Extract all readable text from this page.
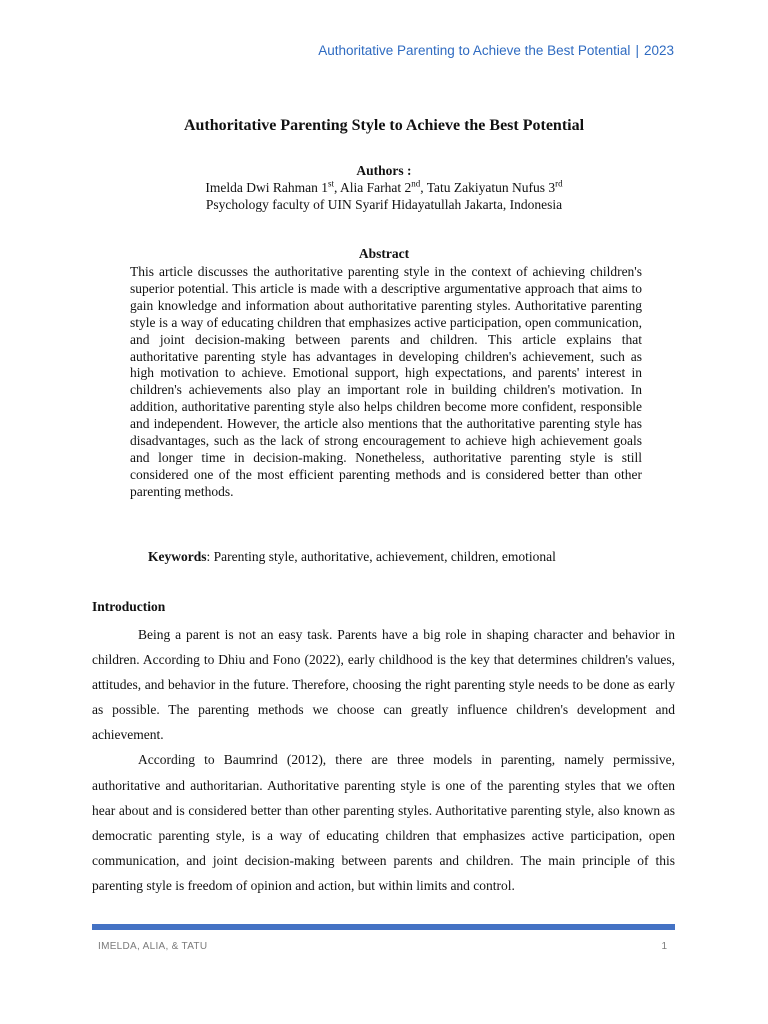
Authoritative Parenting to Achieve the Best Potential | 2023
Authoritative Parenting Style to Achieve the Best Potential
Authors :
Imelda Dwi Rahman 1st, Alia Farhat 2nd, Tatu Zakiyatun Nufus 3rd
Psychology faculty of UIN Syarif Hidayatullah Jakarta, Indonesia
Abstract
This article discusses the authoritative parenting style in the context of achieving children's superior potential. This article is made with a descriptive argumentative approach that aims to gain knowledge and information about authoritative parenting styles. Authoritative parenting style is a way of educating children that emphasizes active participation, open communication, and joint decision-making between parents and children. This article explains that authoritative parenting style has advantages in developing children's achievement, such as high motivation to achieve. Emotional support, high expectations, and parents' interest in children's achievements also play an important role in building children's motivation. In addition, authoritative parenting style also helps children become more confident, responsible and independent. However, the article also mentions that the authoritative parenting style has disadvantages, such as the lack of strong encouragement to achieve high achievement goals and longer time in decision-making. Nonetheless, authoritative parenting style is still considered one of the most efficient parenting methods and is considered better than other parenting methods.
Keywords: Parenting style, authoritative, achievement, children, emotional
Introduction

Being a parent is not an easy task. Parents have a big role in shaping character and behavior in children. According to Dhiu and Fono (2022), early childhood is the key that determines children's values, attitudes, and behavior in the future. Therefore, choosing the right parenting style needs to be done as early as possible. The parenting methods we choose can greatly influence children's development and achievement.

According to Baumrind (2012), there are three models in parenting, namely permissive, authoritative and authoritarian. Authoritative parenting style is one of the parenting styles that we often hear about and is considered better than other parenting styles. Authoritative parenting style, also known as democratic parenting style, is a way of educating children that emphasizes active participation, open communication, and joint decision-making between parents and children. The main principle of this parenting style is freedom of opinion and action, but within limits and control.

IMELDA, ALIA, & TATU	1
